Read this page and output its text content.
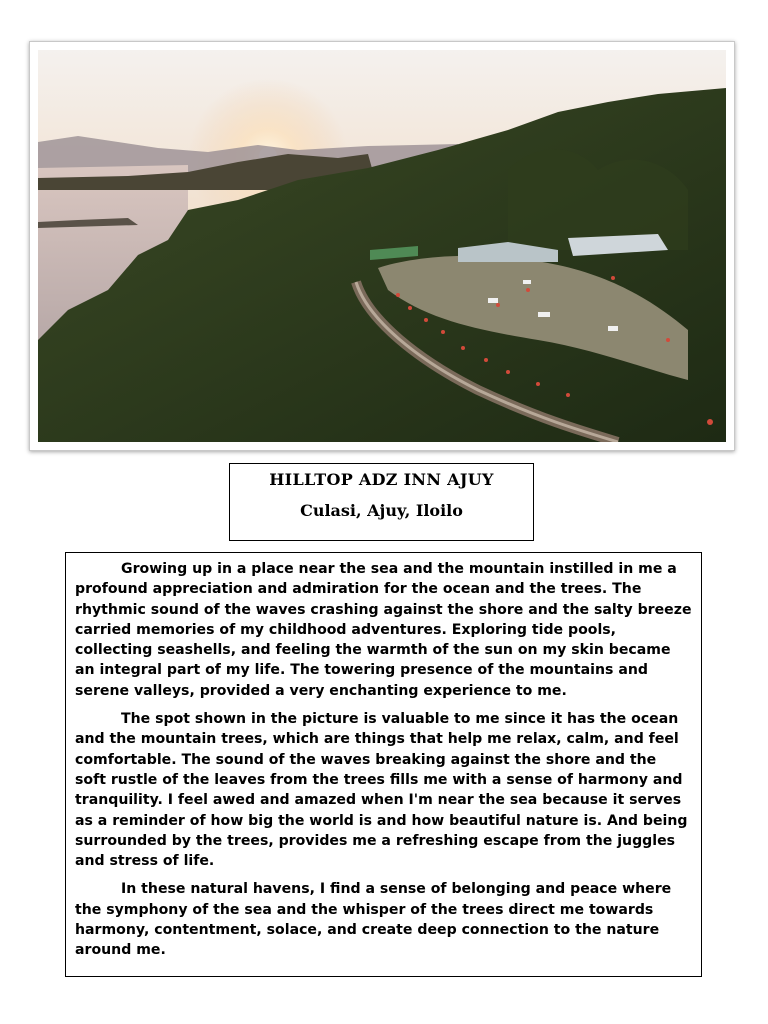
HILLTOP ADZ INN AJUY
Culasi, Ajuy, Iloilo

Growing up in a place near the sea and the mountain instilled in me a profound appreciation and admiration for the ocean and the trees. The rhythmic sound of the waves crashing against the shore and the salty breeze carried memories of my childhood adventures. Exploring tide pools, collecting seashells, and feeling the warmth of the sun on my skin became an integral part of my life. The towering presence of the mountains and serene valleys, provided a very enchanting experience to me.

The spot shown in the picture is valuable to me since it has the ocean and the mountain trees, which are things that help me relax, calm, and feel comfortable. The sound of the waves breaking against the shore and the soft rustle of the leaves from the trees fills me with a sense of harmony and tranquility. I feel awed and amazed when I'm near the sea because it serves as a reminder of how big the world is and how beautiful nature is. And being surrounded by the trees, provides me a refreshing escape from the juggles and stress of life.

In these natural havens, I find a sense of belonging and peace where the symphony of the sea and the whisper of the trees direct me towards harmony, contentment, solace, and create deep connection to the nature around me.
